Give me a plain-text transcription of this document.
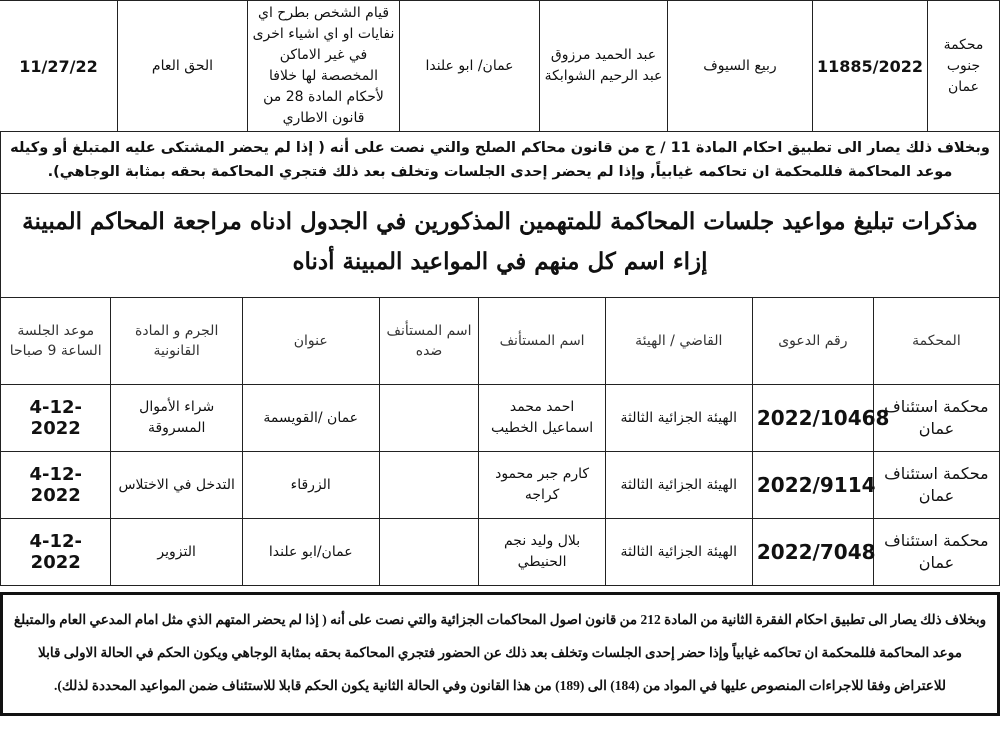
محكمة جنوب عمان	11885/2022	ربيع السيوف	عبد الحميد مرزوق عبد الرحيم الشوابكة	عمان/ ابو علندا	قيام الشخص بطرح اي نفايات او اي اشياء اخرى في غير الاماكن المخصصة لها خلافا لأحكام المادة 28 من قانون الاطاري	الحق العام	11/27/22
وبخلاف ذلك يصار الى تطبيق احكام المادة 11 / ج من قانون محاكم الصلح والتي نصت على أنه ( إذا لم يحضر المشتكى عليه المتبلغ أو وكيله موعد المحاكمة فللمحكمة ان تحاكمه غيابياً, وإذا لم يحضر إحدى الجلسات وتخلف بعد ذلك فتجري المحاكمة بحقه بمثابة الوجاهي).
مذكرات تبليغ مواعيد جلسات المحاكمة للمتهمين المذكورين في الجدول ادناه مراجعة المحاكم المبينة إزاء اسم كل منهم في المواعيد المبينة أدناه
المحكمة	رقم الدعوى	القاضي / الهيئة	اسم المستأنف	اسم المستأنف ضده	عنوان	الجرم و المادة القانونية	موعد الجلسة الساعة 9 صباحا
محكمة استئناف عمان	2022/10468	الهيئة الجزائية الثالثة	احمد محمد اسماعيل الخطيب		عمان /القويسمة	شراء الأموال المسروقة	4-12-2022
محكمة استئناف عمان	2022/9114	الهيئة الجزائية الثالثة	كارم جبر محمود كراجه		الزرقاء	التدخل في الاختلاس	4-12-2022
محكمة استئناف عمان	2022/7048	الهيئة الجزائية الثالثة	بلال وليد نجم الحنيطي		عمان/ابو علندا	التزوير	4-12-2022
وبخلاف ذلك يصار الى تطبيق احكام الفقرة الثانية من المادة 212 من قانون اصول المحاكمات الجزائية والتي نصت على أنه ( إذا لم يحضر المتهم الذي مثل امام المدعي العام والمتبلغ موعد المحاكمة فللمحكمة ان تحاكمه غيابياً وإذا حضر إحدى الجلسات وتخلف بعد ذلك عن الحضور فتجري المحاكمة بحقه بمثابة الوجاهي ويكون الحكم في الحالة الاولى قابلا للاعتراض وفقا للاجراءات المنصوص عليها في المواد من (184) الى (189) من هذا القانون وفي الحالة الثانية يكون الحكم قابلا للاستئناف ضمن المواعيد المحددة لذلك).
